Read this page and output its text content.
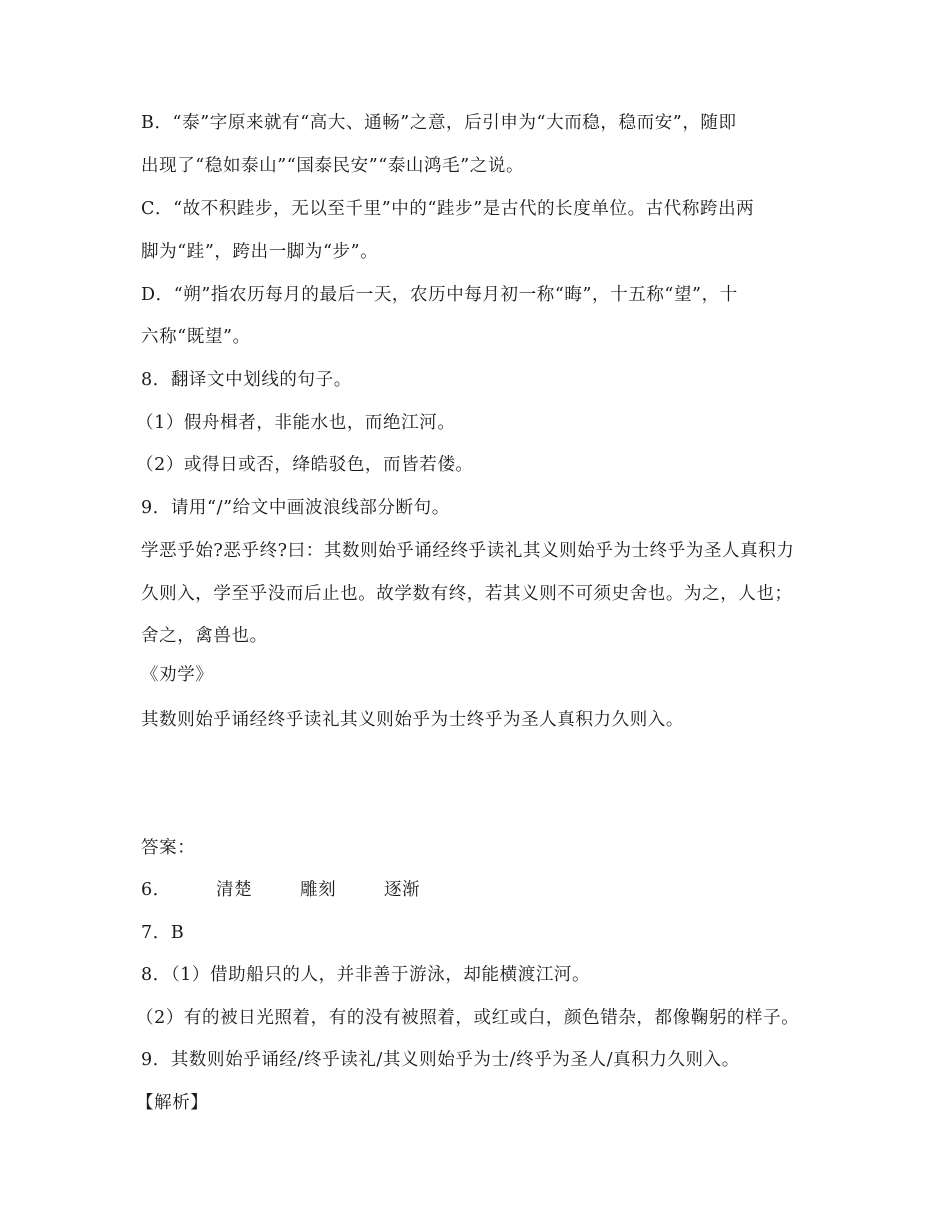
B．“泰”字原来就有“高大、通畅”之意，后引申为“大而稳，稳而安”，随即
出现了“稳如泰山”“国泰民安”“泰山鸿毛”之说。
C．“故不积跬步，无以至千里”中的“跬步”是古代的长度单位。古代称跨出两
脚为“跬”，跨出一脚为“步”。
D．“朔”指农历每月的最后一天，农历中每月初一称“晦”，十五称“望”，十
六称“既望”。
8．翻译文中划线的句子。
（1）假舟楫者，非能水也，而绝江河。
（2）或得日或否，绛皓驳色，而皆若偻。
9．请用“/”给文中画波浪线部分断句。
学恶乎始?恶乎终?曰：其数则始乎诵经终乎读礼其义则始乎为士终乎为圣人真积力
久则入，学至乎没而后止也。故学数有终，若其义则不可须史舍也。为之，人也；
舍之，禽兽也。
《劝学》
其数则始乎诵经终乎读礼其义则始乎为士终乎为圣人真积力久则入。
答案：
6．	清楚	雕刻	逐渐
7．B
8．（1）借助船只的人，并非善于游泳，却能横渡江河。
（2）有的被日光照着，有的没有被照着，或红或白，颜色错杂，都像鞠躬的样子。
9．其数则始乎诵经/终乎读礼/其义则始乎为士/终乎为圣人/真积力久则入。
【解析】
